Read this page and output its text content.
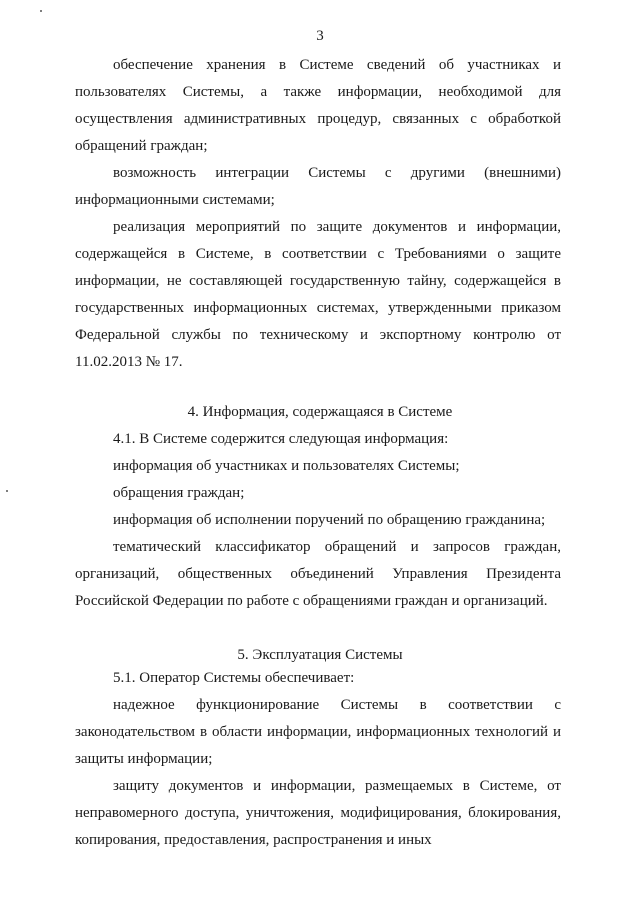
3

обеспечение хранения в Системе сведений об участниках и пользователях Системы, а также информации, необходимой для осуществления административных процедур, связанных с обработкой обращений граждан;

возможность интеграции Системы с другими (внешними) информационными системами;

реализация мероприятий по защите документов и информации, содержащейся в Системе, в соответствии с Требованиями о защите информации, не составляющей государственную тайну, содержащейся в государственных информационных системах, утвержденными приказом Федеральной службы по техническому и экспортному контролю от 11.02.2013 № 17.

4. Информация, содержащаяся в Системе

4.1. В Системе содержится следующая информация:

информация об участниках и пользователях Системы;

обращения граждан;

информация об исполнении поручений по обращению гражданина;

тематический классификатор обращений и запросов граждан, организаций, общественных объединений Управления Президента Российской Федерации по работе с обращениями граждан и организаций.

5. Эксплуатация Системы

5.1. Оператор Системы обеспечивает:

надежное функционирование Системы в соответствии с законодательством в области информации, информационных технологий и защиты информации;

защиту документов и информации, размещаемых в Системе, от неправомерного доступа, уничтожения, модифицирования, блокирования, копирования, предоставления, распространения и иных
